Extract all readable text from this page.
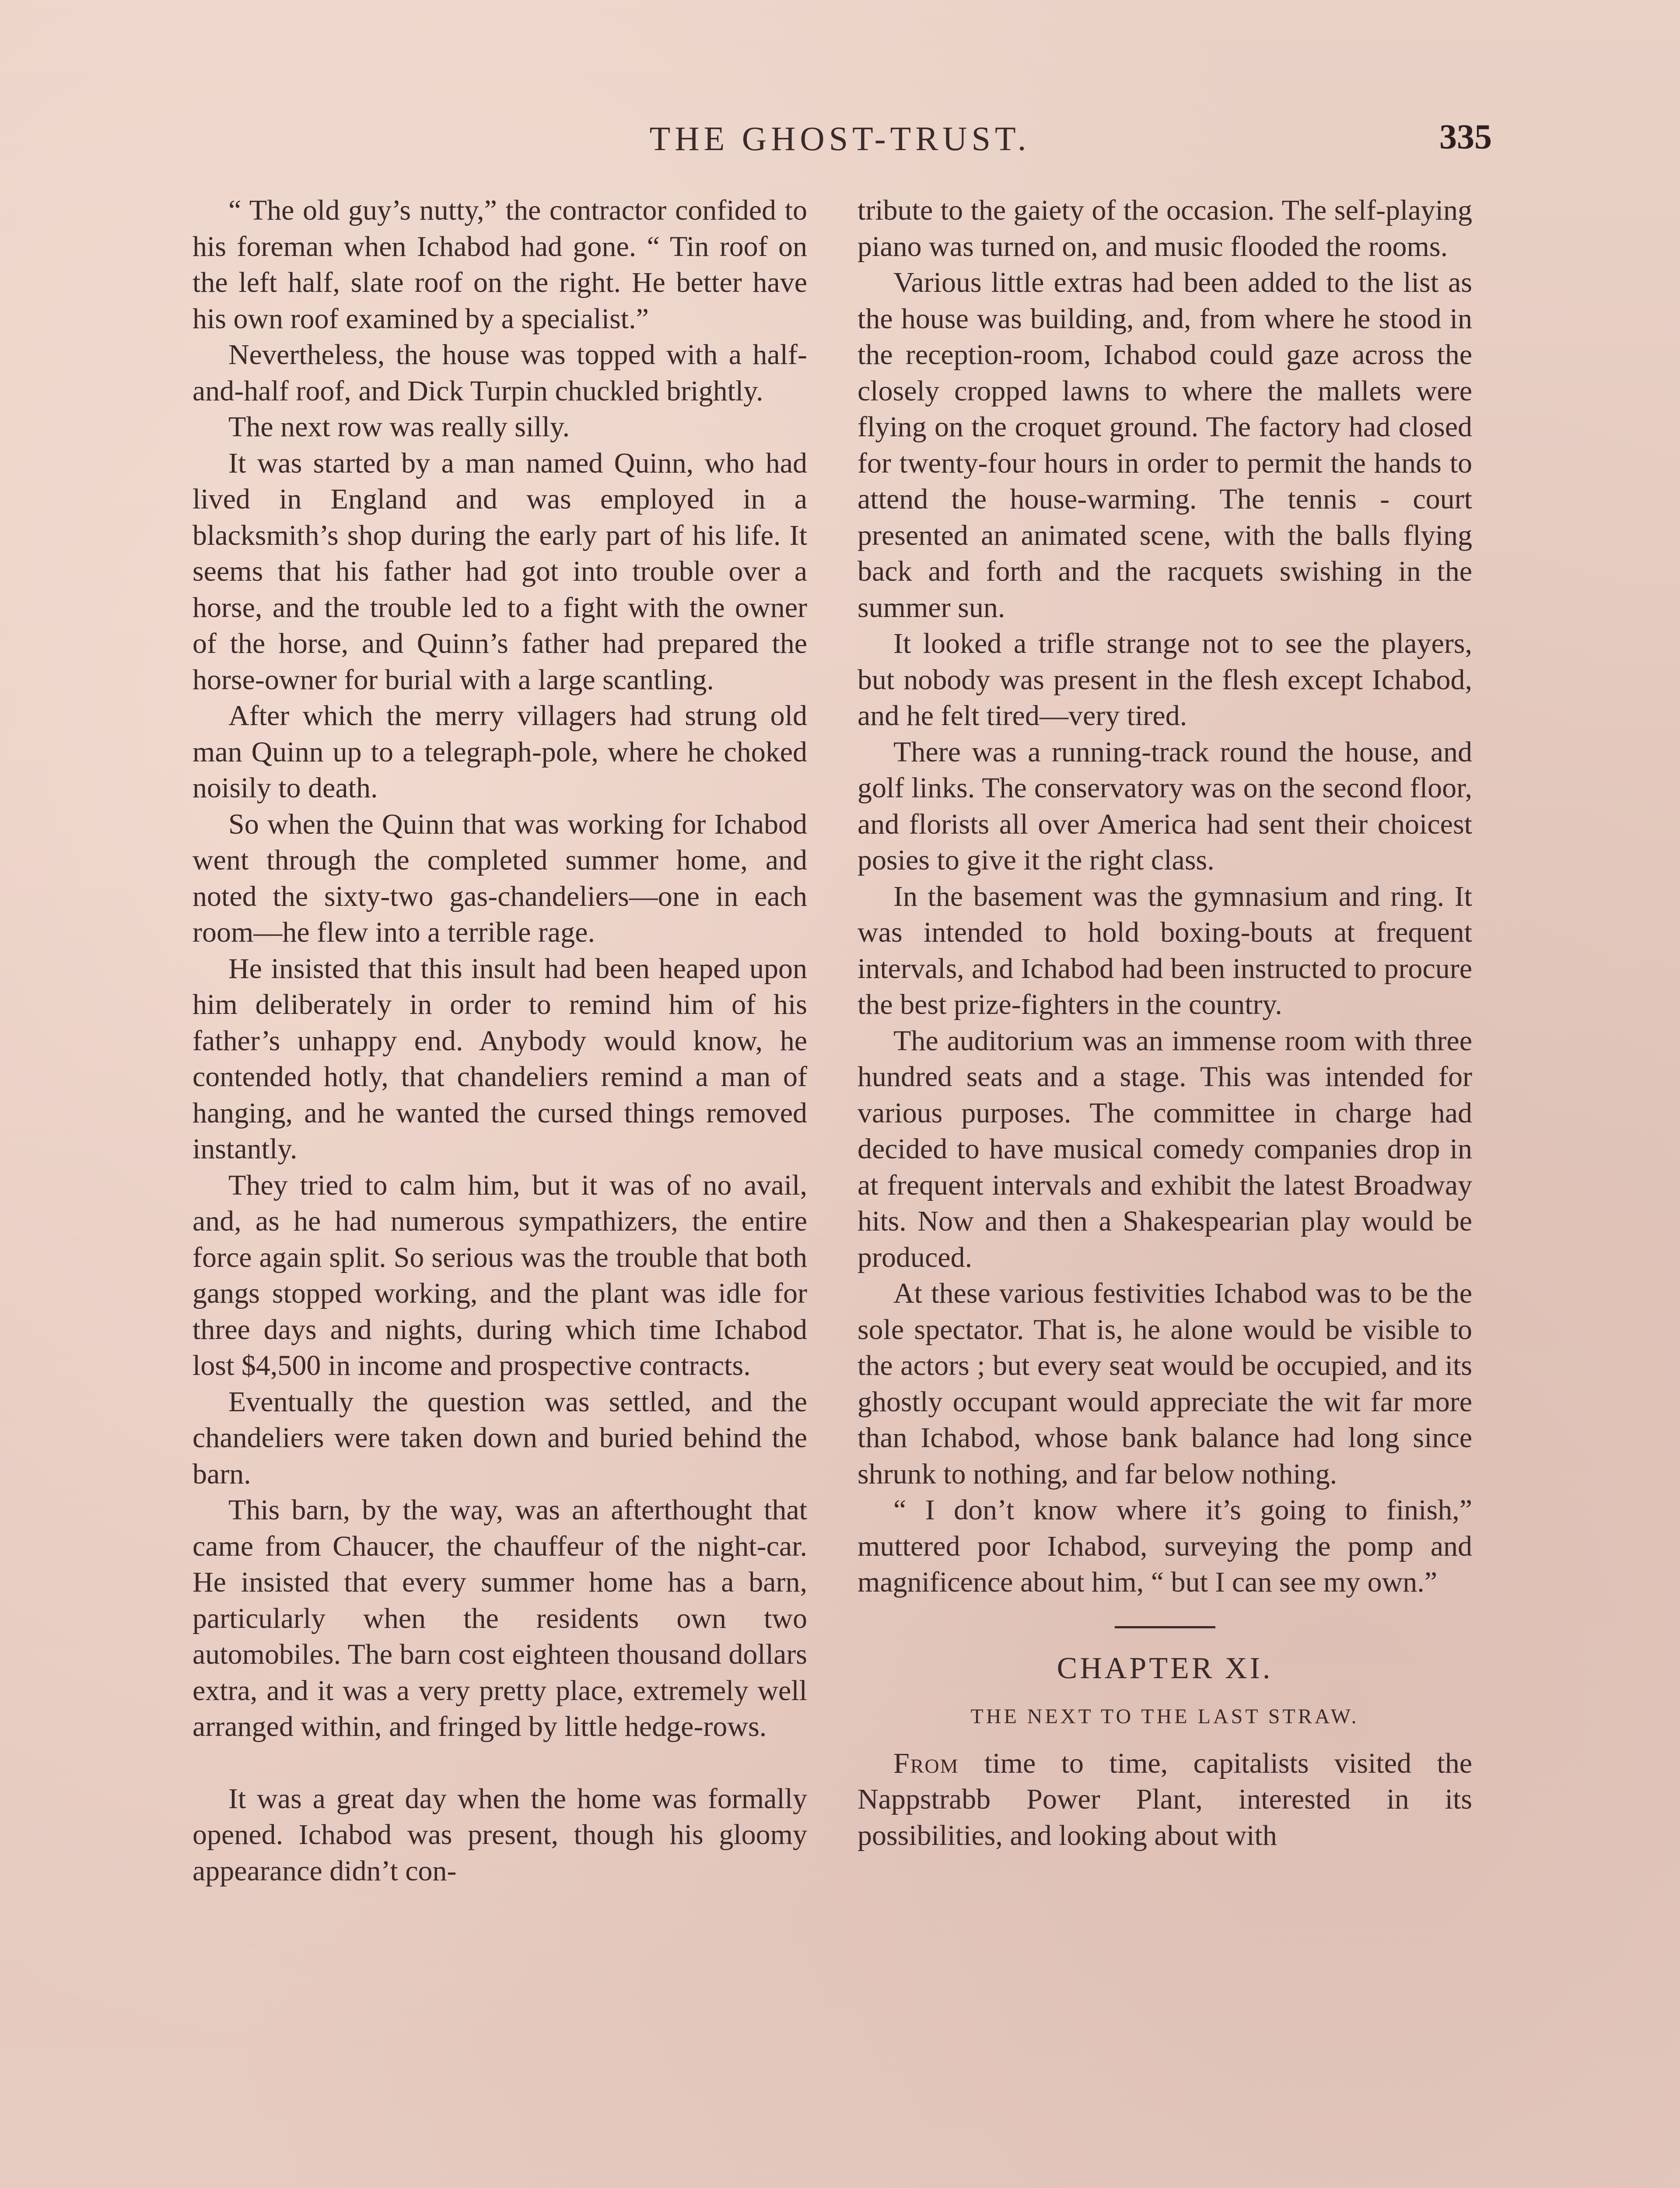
THE GHOST-TRUST.	335

“ The old guy’s nutty,” the contractor confided to his foreman when Ichabod had gone. “ Tin roof on the left half, slate roof on the right. He better have his own roof examined by a specialist.”

Nevertheless, the house was topped with a half-and-half roof, and Dick Turpin chuckled brightly.

The next row was really silly.

It was started by a man named Quinn, who had lived in England and was employed in a blacksmith’s shop during the early part of his life. It seems that his father had got into trouble over a horse, and the trouble led to a fight with the owner of the horse, and Quinn’s father had prepared the horse-owner for burial with a large scantling.

After which the merry villagers had strung old man Quinn up to a telegraph-pole, where he choked noisily to death.

So when the Quinn that was working for Ichabod went through the completed summer home, and noted the sixty-two gas-chandeliers—one in each room—he flew into a terrible rage.

He insisted that this insult had been heaped upon him deliberately in order to remind him of his father’s unhappy end. Anybody would know, he contended hotly, that chandeliers remind a man of hanging, and he wanted the cursed things removed instantly.

They tried to calm him, but it was of no avail, and, as he had numerous sympathizers, the entire force again split. So serious was the trouble that both gangs stopped working, and the plant was idle for three days and nights, during which time Ichabod lost $4,500 in income and prospective contracts.

Eventually the question was settled, and the chandeliers were taken down and buried behind the barn.

This barn, by the way, was an afterthought that came from Chaucer, the chauffeur of the night-car. He insisted that every summer home has a barn, particularly when the residents own two automobiles. The barn cost eighteen thousand dollars extra, and it was a very pretty place, extremely well arranged within, and fringed by little hedge-rows.

It was a great day when the home was formally opened. Ichabod was present, though his gloomy appearance didn’t con-

tribute to the gaiety of the occasion. The self-playing piano was turned on, and music flooded the rooms.

Various little extras had been added to the list as the house was building, and, from where he stood in the reception-room, Ichabod could gaze across the closely cropped lawns to where the mallets were flying on the croquet ground. The factory had closed for twenty-four hours in order to permit the hands to attend the house-warming. The tennis - court presented an animated scene, with the balls flying back and forth and the racquets swishing in the summer sun.

It looked a trifle strange not to see the players, but nobody was present in the flesh except Ichabod, and he felt tired—very tired.

There was a running-track round the house, and golf links. The conservatory was on the second floor, and florists all over America had sent their choicest posies to give it the right class.

In the basement was the gymnasium and ring. It was intended to hold boxing-bouts at frequent intervals, and Ichabod had been instructed to procure the best prize-fighters in the country.

The auditorium was an immense room with three hundred seats and a stage. This was intended for various purposes. The committee in charge had decided to have musical comedy companies drop in at frequent intervals and exhibit the latest Broadway hits. Now and then a Shakespearian play would be produced.

At these various festivities Ichabod was to be the sole spectator. That is, he alone would be visible to the actors ; but every seat would be occupied, and its ghostly occupant would appreciate the wit far more than Ichabod, whose bank balance had long since shrunk to nothing, and far below nothing.

“ I don’t know where it’s going to finish,” muttered poor Ichabod, surveying the pomp and magnificence about him, “ but I can see my own.”

CHAPTER XI.
THE NEXT TO THE LAST STRAW.

From time to time, capitalists visited the Nappstrabb Power Plant, interested in its possibilities, and looking about with
